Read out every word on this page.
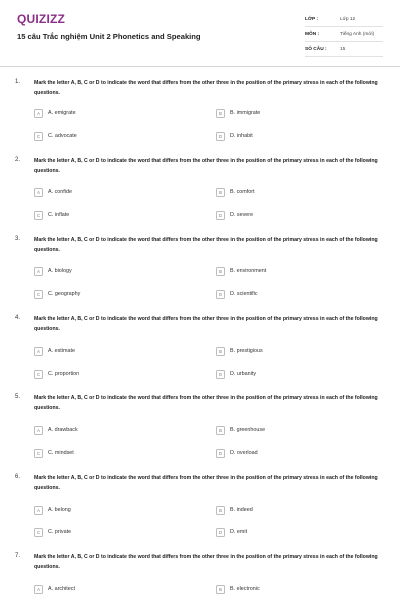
QUIZIZZ
15 câu Trắc nghiệm Unit 2 Phonetics and Speaking
LỚP :	Lớp 12
MÔN :	Tiếng Anh (mới)
SỐ CÂU :	15
1.	Mark the letter A, B, C or D to indicate the word that differs from the other three in the position of the primary stress in each of the following questions.
A	A. emigrate	B	B. immigrate
C	C. advocate	D	D. inhabit
2.	Mark the letter A, B, C or D to indicate the word that differs from the other three in the position of the primary stress in each of the following questions.
A	A. confide	B	B. comfort
C	C. inflate	D	D. severe
3.	Mark the letter A, B, C or D to indicate the word that differs from the other three in the position of the primary stress in each of the following questions.
A	A. biology	B	B. environment
C	C. geography	D	D. scientific
4.	Mark the letter A, B, C or D to indicate the word that differs from the other three in the position of the primary stress in each of the following questions.
A	A. estimate	B	B. prestigious
C	C. proportion	D	D. urbanity
5.	Mark the letter A, B, C or D to indicate the word that differs from the other three in the position of the primary stress in each of the following questions.
A	A. drawback	B	B. greenhouse
C	C. mindset	D	D. overload
6.	Mark the letter A, B, C or D to indicate the word that differs from the other three in the position of the primary stress in each of the following questions.
A	A. belong	B	B. indeed
C	C. private	D	D. emit
7.	Mark the letter A, B, C or D to indicate the word that differs from the other three in the position of the primary stress in each of the following questions.
A	A. architect	B	B. electronic
